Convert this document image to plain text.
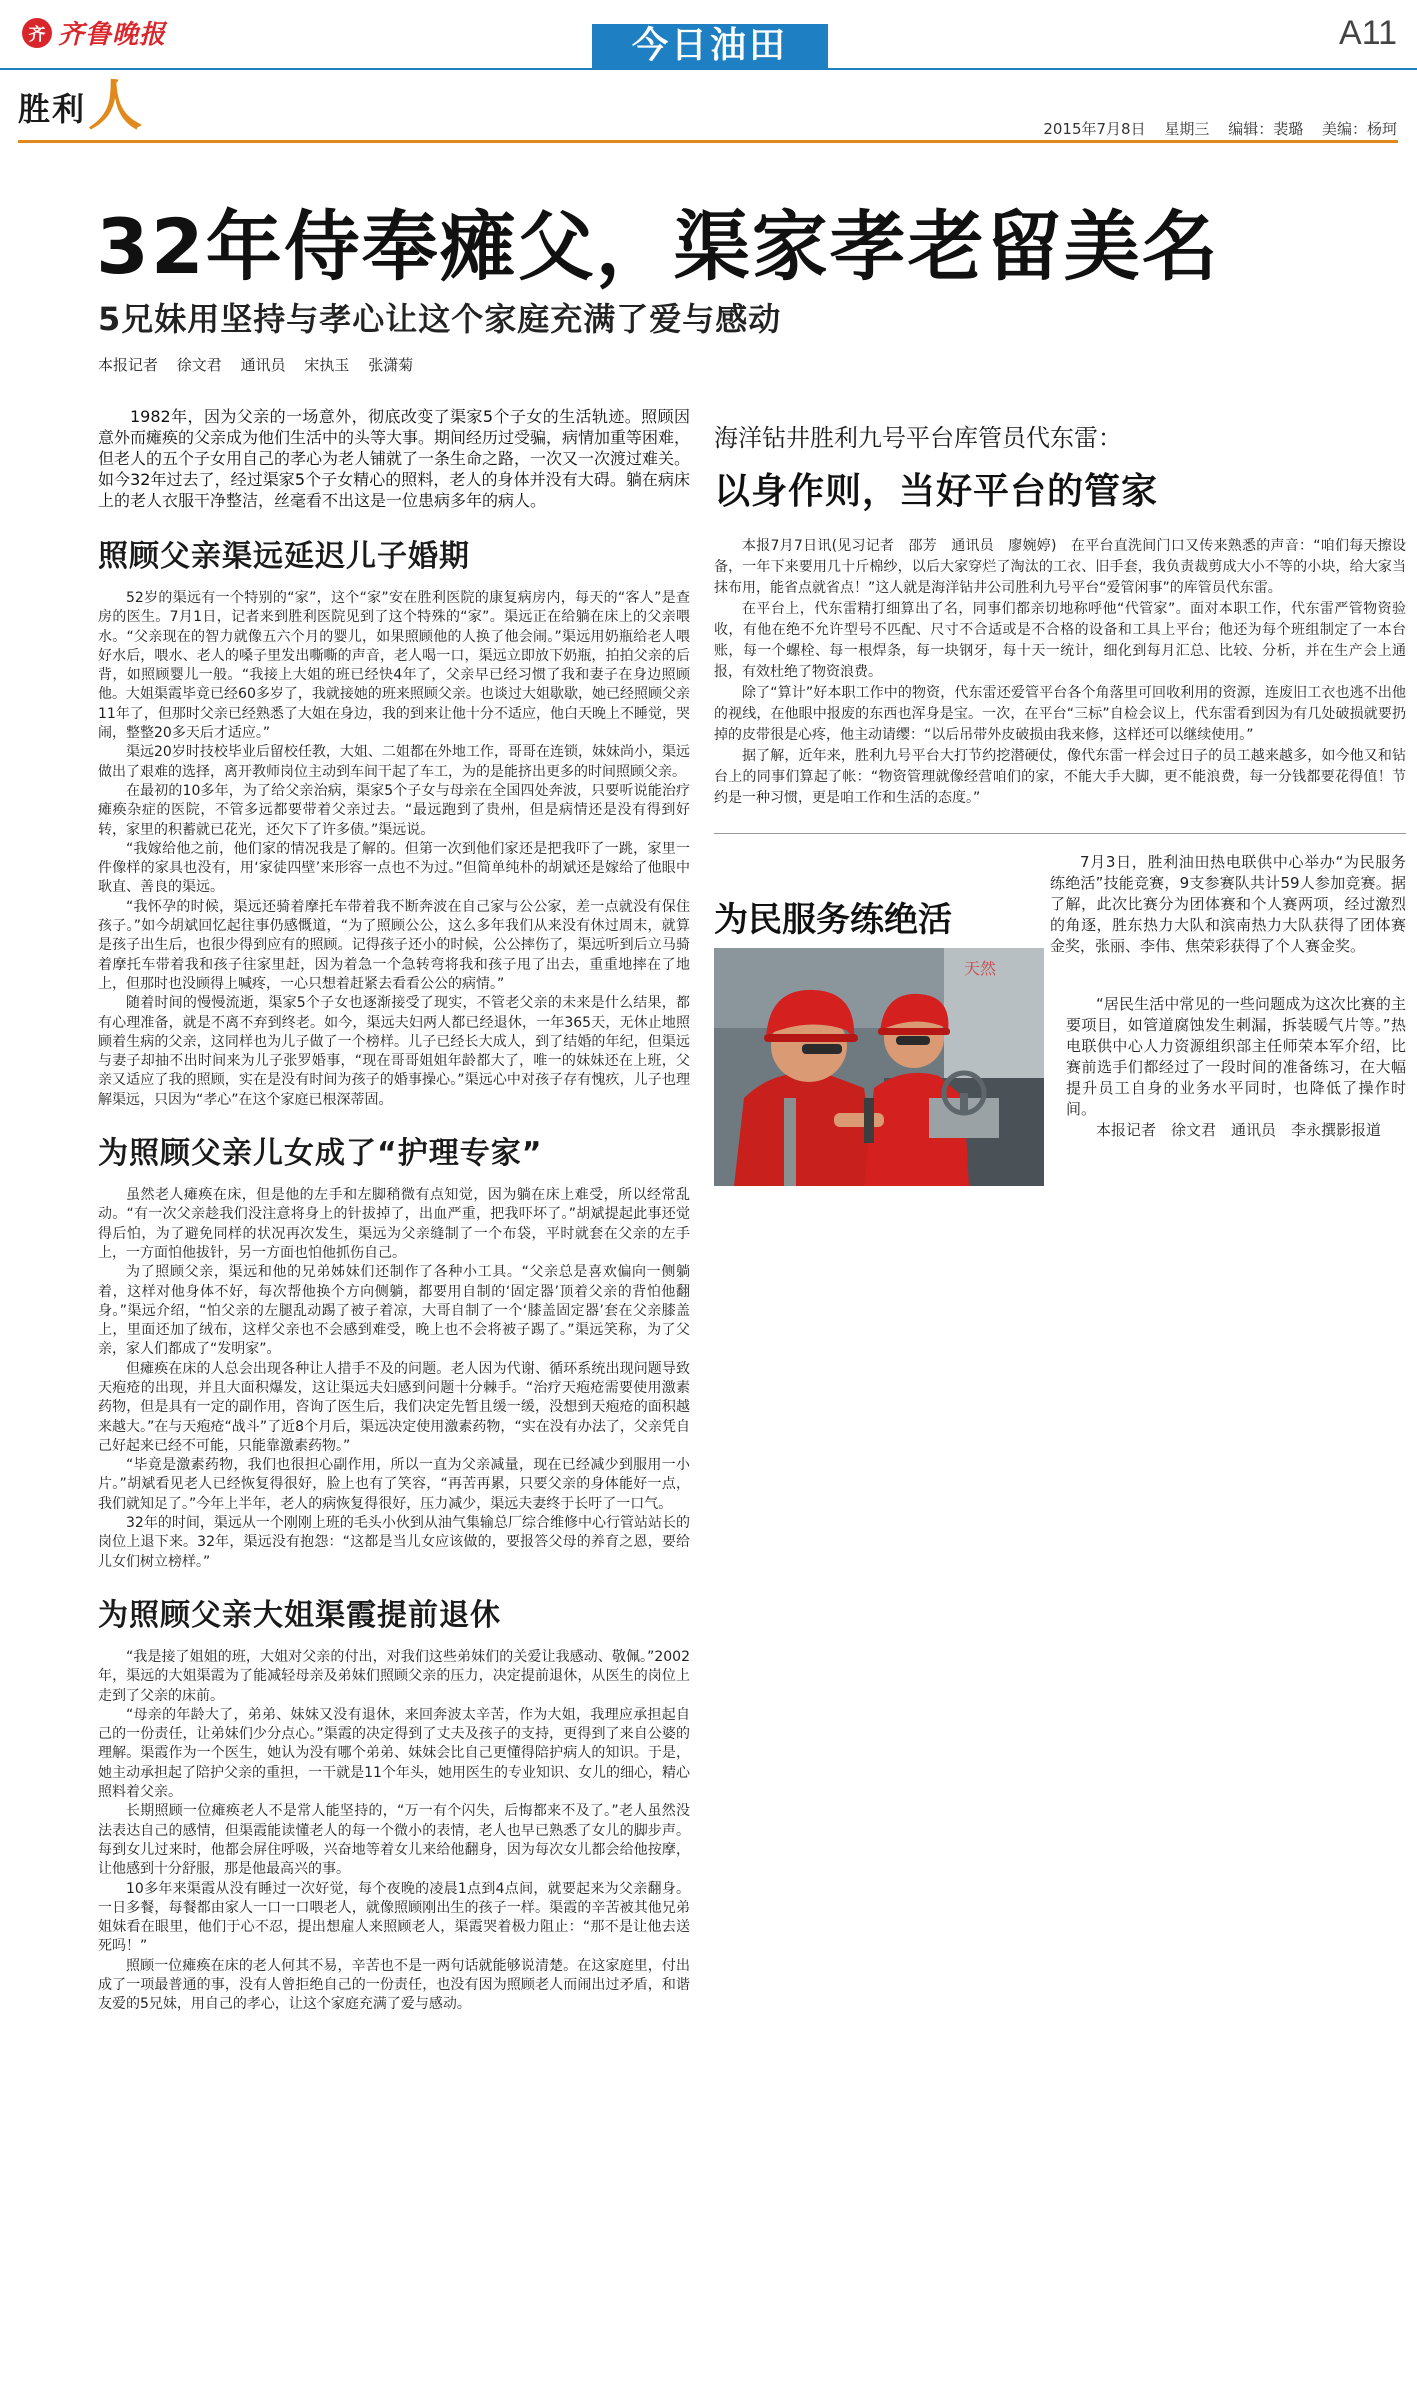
齐 齐鲁晚报	今日油田	A11
胜利 人	2015年7月8日 星期三 编辑：裴璐 美编：杨珂
32年侍奉瘫父，渠家孝老留美名
5兄妹用坚持与孝心让这个家庭充满了爱与感动
本报记者 徐文君 通讯员 宋执玉 张潇菊

1982年，因为父亲的一场意外，彻底改变了渠家5个子女的生活轨迹。照顾因意外而瘫痪的父亲成为他们生活中的头等大事。期间经历过受骗，病情加重等困难，但老人的五个子女用自己的孝心为老人铺就了一条生命之路，一次又一次渡过难关。如今32年过去了，经过渠家5个子女精心的照料，老人的身体并没有大碍。躺在病床上的老人衣服干净整洁，丝毫看不出这是一位患病多年的病人。

照顾父亲渠远延迟儿子婚期

52岁的渠远有一个特别的“家”，这个“家”安在胜利医院的康复病房内，每天的“客人”是查房的医生。7月1日，记者来到胜利医院见到了这个特殊的“家”。渠远正在给躺在床上的父亲喂水。“父亲现在的智力就像五六个月的婴儿，如果照顾他的人换了他会闹。”渠远用奶瓶给老人喂好水后，喂水、老人的嗓子里发出嘶嘶的声音，老人喝一口，渠远立即放下奶瓶，拍拍父亲的后背，如照顾婴儿一般。“我接上大姐的班已经快4年了，父亲早已经习惯了我和妻子在身边照顾他。大姐渠霞毕竟已经60多岁了，我就接她的班来照顾父亲。也谈过大姐歇歇，她已经照顾父亲11年了，但那时父亲已经熟悉了大姐在身边，我的到来让他十分不适应，他白天晚上不睡觉，哭闹，整整20多天后才适应。”

渠远20岁时技校毕业后留校任教，大姐、二姐都在外地工作，哥哥在连锁，妹妹尚小，渠远做出了艰难的选择，离开教师岗位主动到车间干起了车工，为的是能挤出更多的时间照顾父亲。

在最初的10多年，为了给父亲治病，渠家5个子女与母亲在全国四处奔波，只要听说能治疗瘫痪杂症的医院，不管多远都要带着父亲过去。“最远跑到了贵州，但是病情还是没有得到好转，家里的积蓄就已花光，还欠下了许多债。”渠远说。

“我嫁给他之前，他们家的情况我是了解的。但第一次到他们家还是把我吓了一跳，家里一件像样的家具也没有，用‘家徒四壁’来形容一点也不为过。”但简单纯朴的胡斌还是嫁给了他眼中耿直、善良的渠远。

“我怀孕的时候，渠远还骑着摩托车带着我不断奔波在自己家与公公家，差一点就没有保住孩子。”如今胡斌回忆起往事仍感慨道，“为了照顾公公，这么多年我们从来没有休过周末，就算是孩子出生后，也很少得到应有的照顾。记得孩子还小的时候，公公摔伤了，渠远听到后立马骑着摩托车带着我和孩子往家里赶，因为着急一个急转弯将我和孩子甩了出去，重重地摔在了地上，但那时也没顾得上喊疼，一心只想着赶紧去看看公公的病情。”

随着时间的慢慢流逝，渠家5个子女也逐渐接受了现实，不管老父亲的未来是什么结果，都有心理准备，就是不离不弃到终老。如今，渠远夫妇两人都已经退休，一年365天，无休止地照顾着生病的父亲，这同样也为儿子做了一个榜样。儿子已经长大成人，到了结婚的年纪，但渠远与妻子却抽不出时间来为儿子张罗婚事，“现在哥哥姐姐年龄都大了，唯一的妹妹还在上班，父亲又适应了我的照顾，实在是没有时间为孩子的婚事操心。”渠远心中对孩子存有愧疚，儿子也理解渠远，只因为“孝心”在这个家庭已根深蒂固。

为照顾父亲儿女成了“护理专家”

虽然老人瘫痪在床，但是他的左手和左脚稍微有点知觉，因为躺在床上难受，所以经常乱动。“有一次父亲趁我们没注意将身上的针拔掉了，出血严重，把我吓坏了。”胡斌提起此事还觉得后怕，为了避免同样的状况再次发生，渠远为父亲缝制了一个布袋，平时就套在父亲的左手上，一方面怕他拔针，另一方面也怕他抓伤自己。

为了照顾父亲，渠远和他的兄弟姊妹们还制作了各种小工具。“父亲总是喜欢偏向一侧躺着，这样对他身体不好，每次帮他换个方向侧躺，都要用自制的‘固定器’顶着父亲的背怕他翻身。”渠远介绍，“怕父亲的左腿乱动踢了被子着凉，大哥自制了一个‘膝盖固定器’套在父亲膝盖上，里面还加了绒布，这样父亲也不会感到难受，晚上也不会将被子踢了。”渠远笑称，为了父亲，家人们都成了“发明家”。

但瘫痪在床的人总会出现各种让人措手不及的问题。老人因为代谢、循环系统出现问题导致天疱疮的出现，并且大面积爆发，这让渠远夫妇感到问题十分棘手。“治疗天疱疮需要使用激素药物，但是具有一定的副作用，咨询了医生后，我们决定先暂且缓一缓，没想到天疱疮的面积越来越大。”在与天疱疮“战斗”了近8个月后，渠远决定使用激素药物，“实在没有办法了，父亲凭自己好起来已经不可能，只能靠激素药物。”

“毕竟是激素药物，我们也很担心副作用，所以一直为父亲减量，现在已经减少到服用一小片。”胡斌看见老人已经恢复得很好，脸上也有了笑容，“再苦再累，只要父亲的身体能好一点，我们就知足了。”今年上半年，老人的病恢复得很好，压力减少，渠远夫妻终于长吁了一口气。

32年的时间，渠远从一个刚刚上班的毛头小伙到从油气集输总厂综合维修中心行管站站长的岗位上退下来。32年，渠远没有抱怨：“这都是当儿女应该做的，要报答父母的养育之恩，要给儿女们树立榜样。”

为照顾父亲大姐渠霞提前退休

“我是接了姐姐的班，大姐对父亲的付出，对我们这些弟妹们的关爱让我感动、敬佩。”2002年，渠远的大姐渠霞为了能减轻母亲及弟妹们照顾父亲的压力，决定提前退休，从医生的岗位上走到了父亲的床前。

“母亲的年龄大了，弟弟、妹妹又没有退休，来回奔波太辛苦，作为大姐，我理应承担起自己的一份责任，让弟妹们少分点心。”渠霞的决定得到了丈夫及孩子的支持，更得到了来自公婆的理解。渠霞作为一个医生，她认为没有哪个弟弟、妹妹会比自己更懂得陪护病人的知识。于是，她主动承担起了陪护父亲的重担，一干就是11个年头，她用医生的专业知识、女儿的细心，精心照料着父亲。

长期照顾一位瘫痪老人不是常人能坚持的，“万一有个闪失，后悔都来不及了。”老人虽然没法表达自己的感情，但渠霞能读懂老人的每一个微小的表情，老人也早已熟悉了女儿的脚步声。每到女儿过来时，他都会屏住呼吸，兴奋地等着女儿来给他翻身，因为每次女儿都会给他按摩，让他感到十分舒服，那是他最高兴的事。

10多年来渠霞从没有睡过一次好觉，每个夜晚的凌晨1点到4点间，就要起来为父亲翻身。一日多餐，每餐都由家人一口一口喂老人，就像照顾刚出生的孩子一样。渠霞的辛苦被其他兄弟姐妹看在眼里，他们于心不忍，提出想雇人来照顾老人，渠霞哭着极力阻止：“那不是让他去送死吗！”

照顾一位瘫痪在床的老人何其不易，辛苦也不是一两句话就能够说清楚。在这家庭里，付出成了一项最普通的事，没有人曾拒绝自己的一份责任，也没有因为照顾老人而闹出过矛盾，和谐友爱的5兄妹，用自己的孝心，让这个家庭充满了爱与感动。

海洋钻井胜利九号平台库管员代东雷：
以身作则，当好平台的管家

本报7月7日讯(见习记者　邵芳　通讯员　廖婉婷)　在平台直洗间门口又传来熟悉的声音：“咱们每天擦设备，一年下来要用几十斤棉纱，以后大家穿烂了淘汰的工衣、旧手套，我负责裁剪成大小不等的小块，给大家当抹布用，能省点就省点！”这人就是海洋钻井公司胜利九号平台“爱管闲事”的库管员代东雷。

在平台上，代东雷精打细算出了名，同事们都亲切地称呼他“代管家”。面对本职工作，代东雷严管物资验收，有他在绝不允许型号不匹配、尺寸不合适或是不合格的设备和工具上平台；他还为每个班组制定了一本台账，每一个螺栓、每一根焊条，每一块钢牙，每十天一统计，细化到每月汇总、比较、分析，并在生产会上通报，有效杜绝了物资浪费。

除了“算计”好本职工作中的物资，代东雷还爱管平台各个角落里可回收利用的资源，连废旧工衣也逃不出他的视线，在他眼中报废的东西也浑身是宝。一次，在平台“三标”自检会议上，代东雷看到因为有几处破损就要扔掉的皮带很是心疼，他主动请缨：“以后吊带外皮破损由我来修，这样还可以继续使用。”

据了解，近年来，胜利九号平台大打节约挖潜硬仗，像代东雷一样会过日子的员工越来越多，如今他又和钻台上的同事们算起了帐：“物资管理就像经营咱们的家，不能大手大脚，更不能浪费，每一分钱都要花得值！节约是一种习惯，更是咱工作和生活的态度。”

为民服务练绝活

7月3日，胜利油田热电联供中心举办“为民服务练绝活”技能竞赛，9支参赛队共计59人参加竞赛。据了解，此次比赛分为团体赛和个人赛两项，经过激烈的角逐，胜东热力大队和滨南热力大队获得了团体赛金奖，张丽、李伟、焦荣彩获得了个人赛金奖。

天然

“居民生活中常见的一些问题成为这次比赛的主要项目，如管道腐蚀发生刺漏，拆装暖气片等。”热电联供中心人力资源组织部主任师荣本军介绍，比赛前选手们都经过了一段时间的准备练习，在大幅提升员工自身的业务水平同时，也降低了操作时间。

本报记者　徐文君　通讯员　李永撰影报道
